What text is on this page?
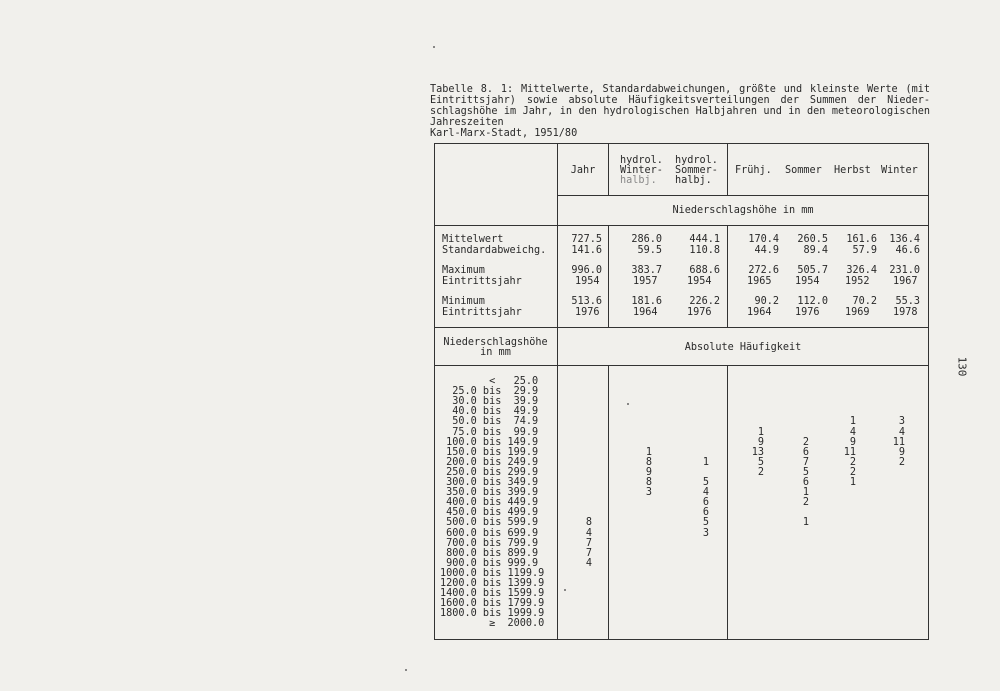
Tabelle 8. 1: Mittelwerte, Standardabweichungen, größte und kleinste Werte (mit
Eintrittsjahr) sowie absolute Häufigkeitsverteilungen der Summen der Nieder-
schlagshöhe im Jahr, in den hydrologischen Halbjahren und in den meteorologischen
Jahreszeiten
Karl-Marx-Stadt, 1951/80
Jahr
hydrol.
Winter-
halbj.
hydrol.
Sommer-
halbj.
Frühj. Sommer Herbst Winter
Niederschlagshöhe in mm
Mittelwert
Standardabweichg.
Maximum
Eintrittsjahr
Minimum
Eintrittsjahr
727.5
141.6
996.0
1954
513.6
1976
286.0
59.5
383.7
1957
181.6
1964
444.1
110.8
688.6
1954
226.2
1976
170.4
44.9
272.6
1965
90.2
1964
260.5
89.4
505.7
1954
112.0
1976
161.6
57.9
326.4
1952
70.2
1969
136.4
46.6
231.0
1967
55.3
1978
Niederschlagshöhe
in mm	Absolute Häufigkeit
<   25.0
25.0 bis  29.9
30.0 bis  39.9
40.0 bis  49.9
50.0 bis  74.9
75.0 bis  99.9
100.0 bis 149.9
150.0 bis 199.9
200.0 bis 249.9
250.0 bis 299.9
300.0 bis 349.9
350.0 bis 399.9
400.0 bis 449.9
450.0 bis 499.9
500.0 bis 599.9
600.0 bis 699.9
700.0 bis 799.9
800.0 bis 899.9
900.0 bis 999.9
1000.0 bis 1199.9
1200.0 bis 1399.9
1400.0 bis 1599.9
1600.0 bis 1799.9
1800.0 bis 1999.9
≥  2000.0
8
4
7
7
4
1
8
9
8
3
1
5
4
6
6
5
3
1
9
13
5
2
2
6
7
5
6
1
2
1
1
4
9
11
2
2
1
3
4
11
9
2
130
